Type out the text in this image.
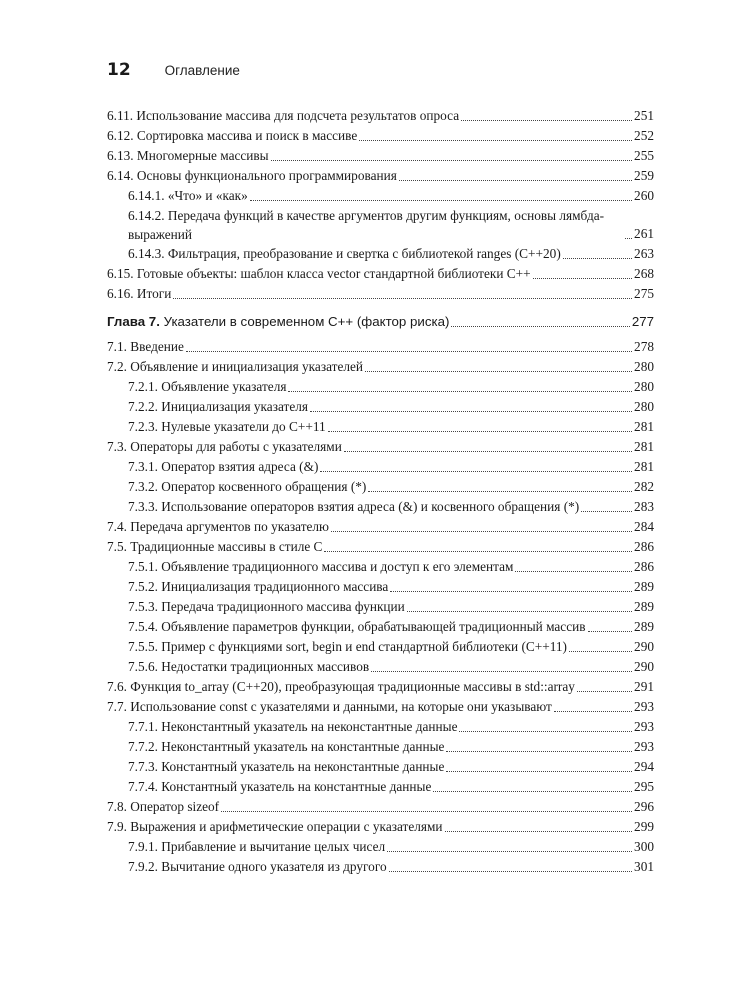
12	Оглавление
6.11. Использование массива для подсчета результатов опроса	251
6.12. Сортировка массива и поиск в массиве	252
6.13. Многомерные массивы	255
6.14. Основы функционального программирования	259
6.14.1. «Что» и «как»	260
6.14.2. Передача функций в качестве аргументов другим функциям, основы лямбда-выражений	261
6.14.3. Фильтрация, преобразование и свертка с библиотекой ranges (C++20)	263
6.15. Готовые объекты: шаблон класса vector стандартной библиотеки C++	268
6.16. Итоги	275
Глава 7. Указатели в современном C++ (фактор риска)	277
7.1. Введение	278
7.2. Объявление и инициализация указателей	280
7.2.1. Объявление указателя	280
7.2.2. Инициализация указателя	280
7.2.3. Нулевые указатели до C++11	281
7.3. Операторы для работы с указателями	281
7.3.1. Оператор взятия адреса (&)	281
7.3.2. Оператор косвенного обращения (*)	282
7.3.3. Использование операторов взятия адреса (&) и косвенного обращения (*)	283
7.4. Передача аргументов по указателю	284
7.5. Традиционные массивы в стиле C	286
7.5.1. Объявление традиционного массива и доступ к его элементам	286
7.5.2. Инициализация традиционного массива	289
7.5.3. Передача традиционного массива функции	289
7.5.4. Объявление параметров функции, обрабатывающей традиционный массив	289
7.5.5. Пример с функциями sort, begin и end стандартной библиотеки (C++11)	290
7.5.6. Недостатки традиционных массивов	290
7.6. Функция to_array (C++20), преобразующая традиционные массивы в std::array	291
7.7. Использование const с указателями и данными, на которые они указывают	293
7.7.1. Неконстантный указатель на неконстантные данные	293
7.7.2. Неконстантный указатель на константные данные	293
7.7.3. Константный указатель на неконстантные данные	294
7.7.4. Константный указатель на константные данные	295
7.8. Оператор sizeof	296
7.9. Выражения и арифметические операции с указателями	299
7.9.1. Прибавление и вычитание целых чисел	300
7.9.2. Вычитание одного указателя из другого	301
